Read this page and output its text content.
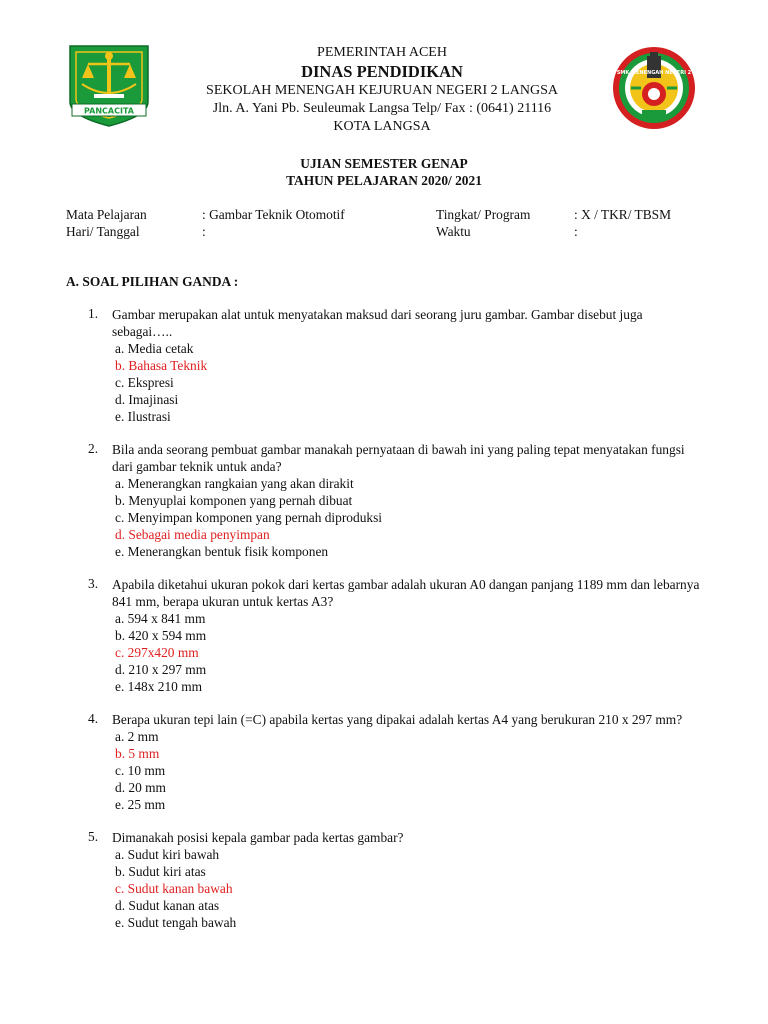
PANCACITA
PEMERINTAH ACEH
DINAS PENDIDIKAN
SEKOLAH MENENGAH KEJURUAN NEGERI 2 LANGSA
Jln. A. Yani Pb. Seuleumak Langsa Telp/ Fax : (0641) 21116
KOTA LANGSA
SMK MENENGAH NEGERI 2
UJIAN SEMESTER GENAP
TAHUN PELAJARAN 2020/ 2021
Mata Pelajaran	: Gambar Teknik Otomotif	Tingkat/ Program	: X / TKR/ TBSM
Hari/ Tanggal	:	Waktu	:
A. SOAL PILIHAN GANDA :
1. Gambar merupakan alat untuk menyatakan maksud dari seorang juru gambar. Gambar disebut juga sebagai…..
a. Media cetak
b. Bahasa Teknik
c. Ekspresi
d. Imajinasi
e. Ilustrasi
2. Bila anda seorang pembuat gambar manakah pernyataan di bawah ini yang paling tepat menyatakan fungsi dari gambar teknik untuk anda?
a. Menerangkan rangkaian yang akan dirakit
b. Menyuplai komponen yang pernah dibuat
c. Menyimpan komponen yang pernah diproduksi
d. Sebagai media penyimpan
e. Menerangkan bentuk fisik komponen
3. Apabila diketahui ukuran pokok dari kertas gambar adalah ukuran A0 dangan panjang 1189 mm dan lebarnya 841 mm, berapa ukuran untuk kertas A3?
a. 594 x 841 mm
b. 420 x 594 mm
c. 297x420 mm
d. 210 x 297 mm
e. 148x 210 mm
4. Berapa ukuran tepi lain (=C) apabila kertas yang dipakai adalah kertas A4 yang berukuran 210 x 297 mm?
a. 2 mm
b. 5 mm
c. 10 mm
d. 20 mm
e. 25 mm
5. Dimanakah posisi kepala gambar pada kertas gambar?
a. Sudut kiri bawah
b. Sudut kiri atas
c. Sudut kanan bawah
d. Sudut kanan atas
e. Sudut tengah bawah
